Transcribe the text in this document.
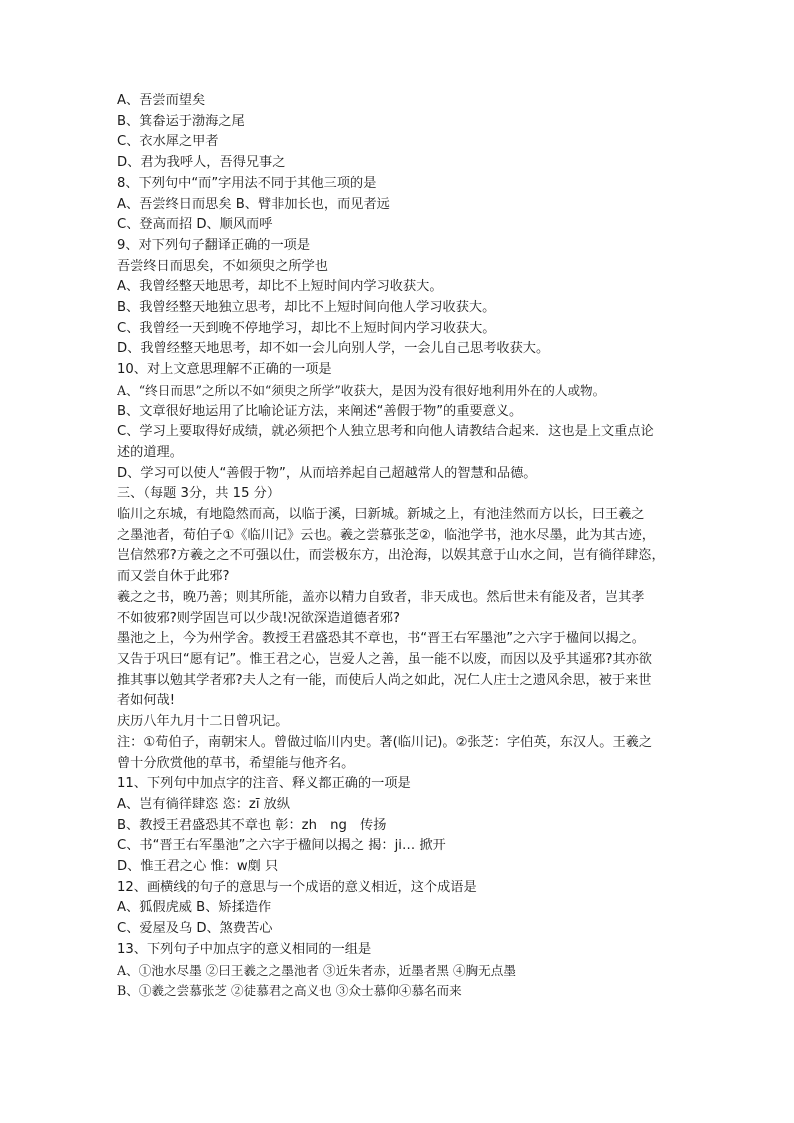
A、吾尝而望矣
B、箕畚运于渤海之尾
C、衣水犀之甲者
D、君为我呼人，吾得兄事之
8、下列句中“而”字用法不同于其他三项的是
A、吾尝终日而思矣 B、臂非加长也，而见者远
C、登高而招 D、顺风而呼
9、对下列句子翻译正确的一项是
吾尝终日而思矣，不如须臾之所学也
A、我曾经整天地思考，却比不上短时间内学习收获大。
B、我曾经整天地独立思考，却比不上短时间向他人学习收获大。
C、我曾经一天到晚不停地学习，却比不上短时间内学习收获大。
D、我曾经整天地思考，却不如一会儿向别人学，一会儿自己思考收获大。
10、对上文意思理解不正确的一项是
A、“终日而思”之所以不如“须臾之所学”收获大，是因为没有很好地利用外在的人或物。
B、文章很好地运用了比喻论证方法，来阐述“善假于物”的重要意义。
C、学习上要取得好成绩，就必须把个人独立思考和向他人请教结合起来．这也是上文重点论
述的道理。
D、学习可以使人“善假于物”，从而培养起自己超越常人的智慧和品德。
三、（每题 3分，共 15 分）
临川之东城，有地隐然而高，以临于溪，曰新城。新城之上，有池洼然而方以长，曰王羲之
之墨池者，荀伯子①《临川记》云也。羲之尝慕张芝②，临池学书，池水尽墨，此为其古迹，
岂信然邪?方羲之之不可强以仕，而尝极东方，出沧海，以娱其意于山水之间，岂有徜徉肆恣，
而又尝自休于此邪?
羲之之书，晚乃善；则其所能，盖亦以精力自致者，非天成也。然后世未有能及者，岂其孝
不如彼邪?则学固岂可以少哉!况欲深造道德者邪?
墨池之上，今为州学舍。教授王君盛恐其不章也，书“晋王右军墨池”之六字于楹间以揭之。
又告于巩曰“愿有记”。惟王君之心，岂爱人之善，虽一能不以废，而因以及乎其遥邪?其亦欲
推其事以勉其学者邪?夫人之有一能，而使后人尚之如此，况仁人庄士之遗风余思，被于来世
者如何哉!
庆历八年九月十二日曾巩记。
注：①荀伯子，南朝宋人。曾做过临川内史。著(临川记)。②张芝：字伯英，东汉人。王羲之
曾十分欣赏他的草书，希望能与他齐名。
11、下列句中加点字的注音、释义都正确的一项是
A、岂有徜徉肆恣 恣：zī 放纵
B、教授王君盛恐其不章也 彰：zh　ng　传扬
C、书“晋王右军墨池”之六字于楹间以揭之 揭：ji… 掀开
D、惟王君之心 惟：w剫 只
12、画横线的句子的意思与一个成语的意义相近，这个成语是
A、狐假虎威 B、矫揉造作
C、爱屋及乌 D、煞费苦心
13、下列句子中加点字的意义相同的一组是
A、①池水尽墨 ②曰王羲之之墨池者 ③近朱者赤，近墨者黑 ④胸无点墨
B、①羲之尝慕张芝 ②徒慕君之高义也 ③众士慕仰④慕名而来
